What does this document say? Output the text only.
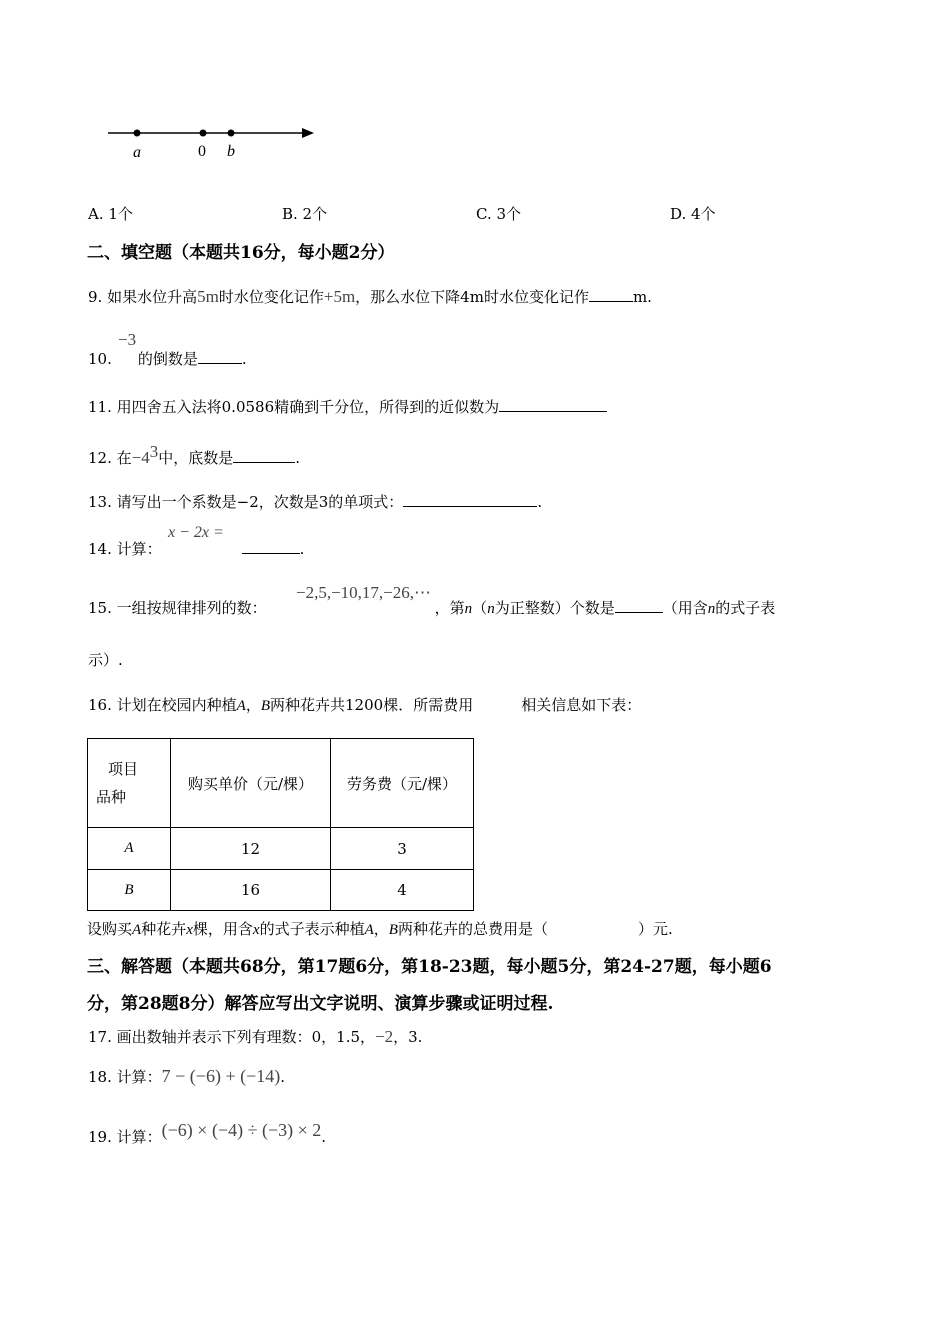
a	0 b
A. 1个	B. 2个	C. 3个	D. 4个
二、填空题（本题共16分，每小题2分）
9. 如果水位升高5m时水位变化记作+5m，那么水位下降4m时水位变化记作	m.
−3
10. 的倒数是	.
11. 用四舍五入法将0.0586精确到千分位，所得到的近似数为
12. 在$-4^3$中，底数是	.
13. 请写出一个系数是−2，次数是3的单项式：	.
x − 2x =
14. 计算：	.
−2,5,−10,17,−26,⋯
15. 一组按规律排列的数：	，第n（n为正整数）个数是	（用含n的式子表
示）.
16. 计划在校园内种植A，B两种花卉共1200棵．所需费用	相关信息如下表：
项目
品种	购买单价（元/棵）	劳务费（元/棵）
A	12	3
B	16	4
设购买A种花卉x棵，用含x的式子表示种植A，B两种花卉的总费用是（	）元.
三、解答题（本题共68分，第17题6分，第18-23题，每小题5分，第24-27题，每小题6
分，第28题8分）解答应写出文字说明、演算步骤或证明过程.
17. 画出数轴并表示下列有理数：0，1.5，−2，3.
18. 计算：7 − (−6) + (−14).
19. 计算：(−6) × (−4) ÷ (−3) × 2.
